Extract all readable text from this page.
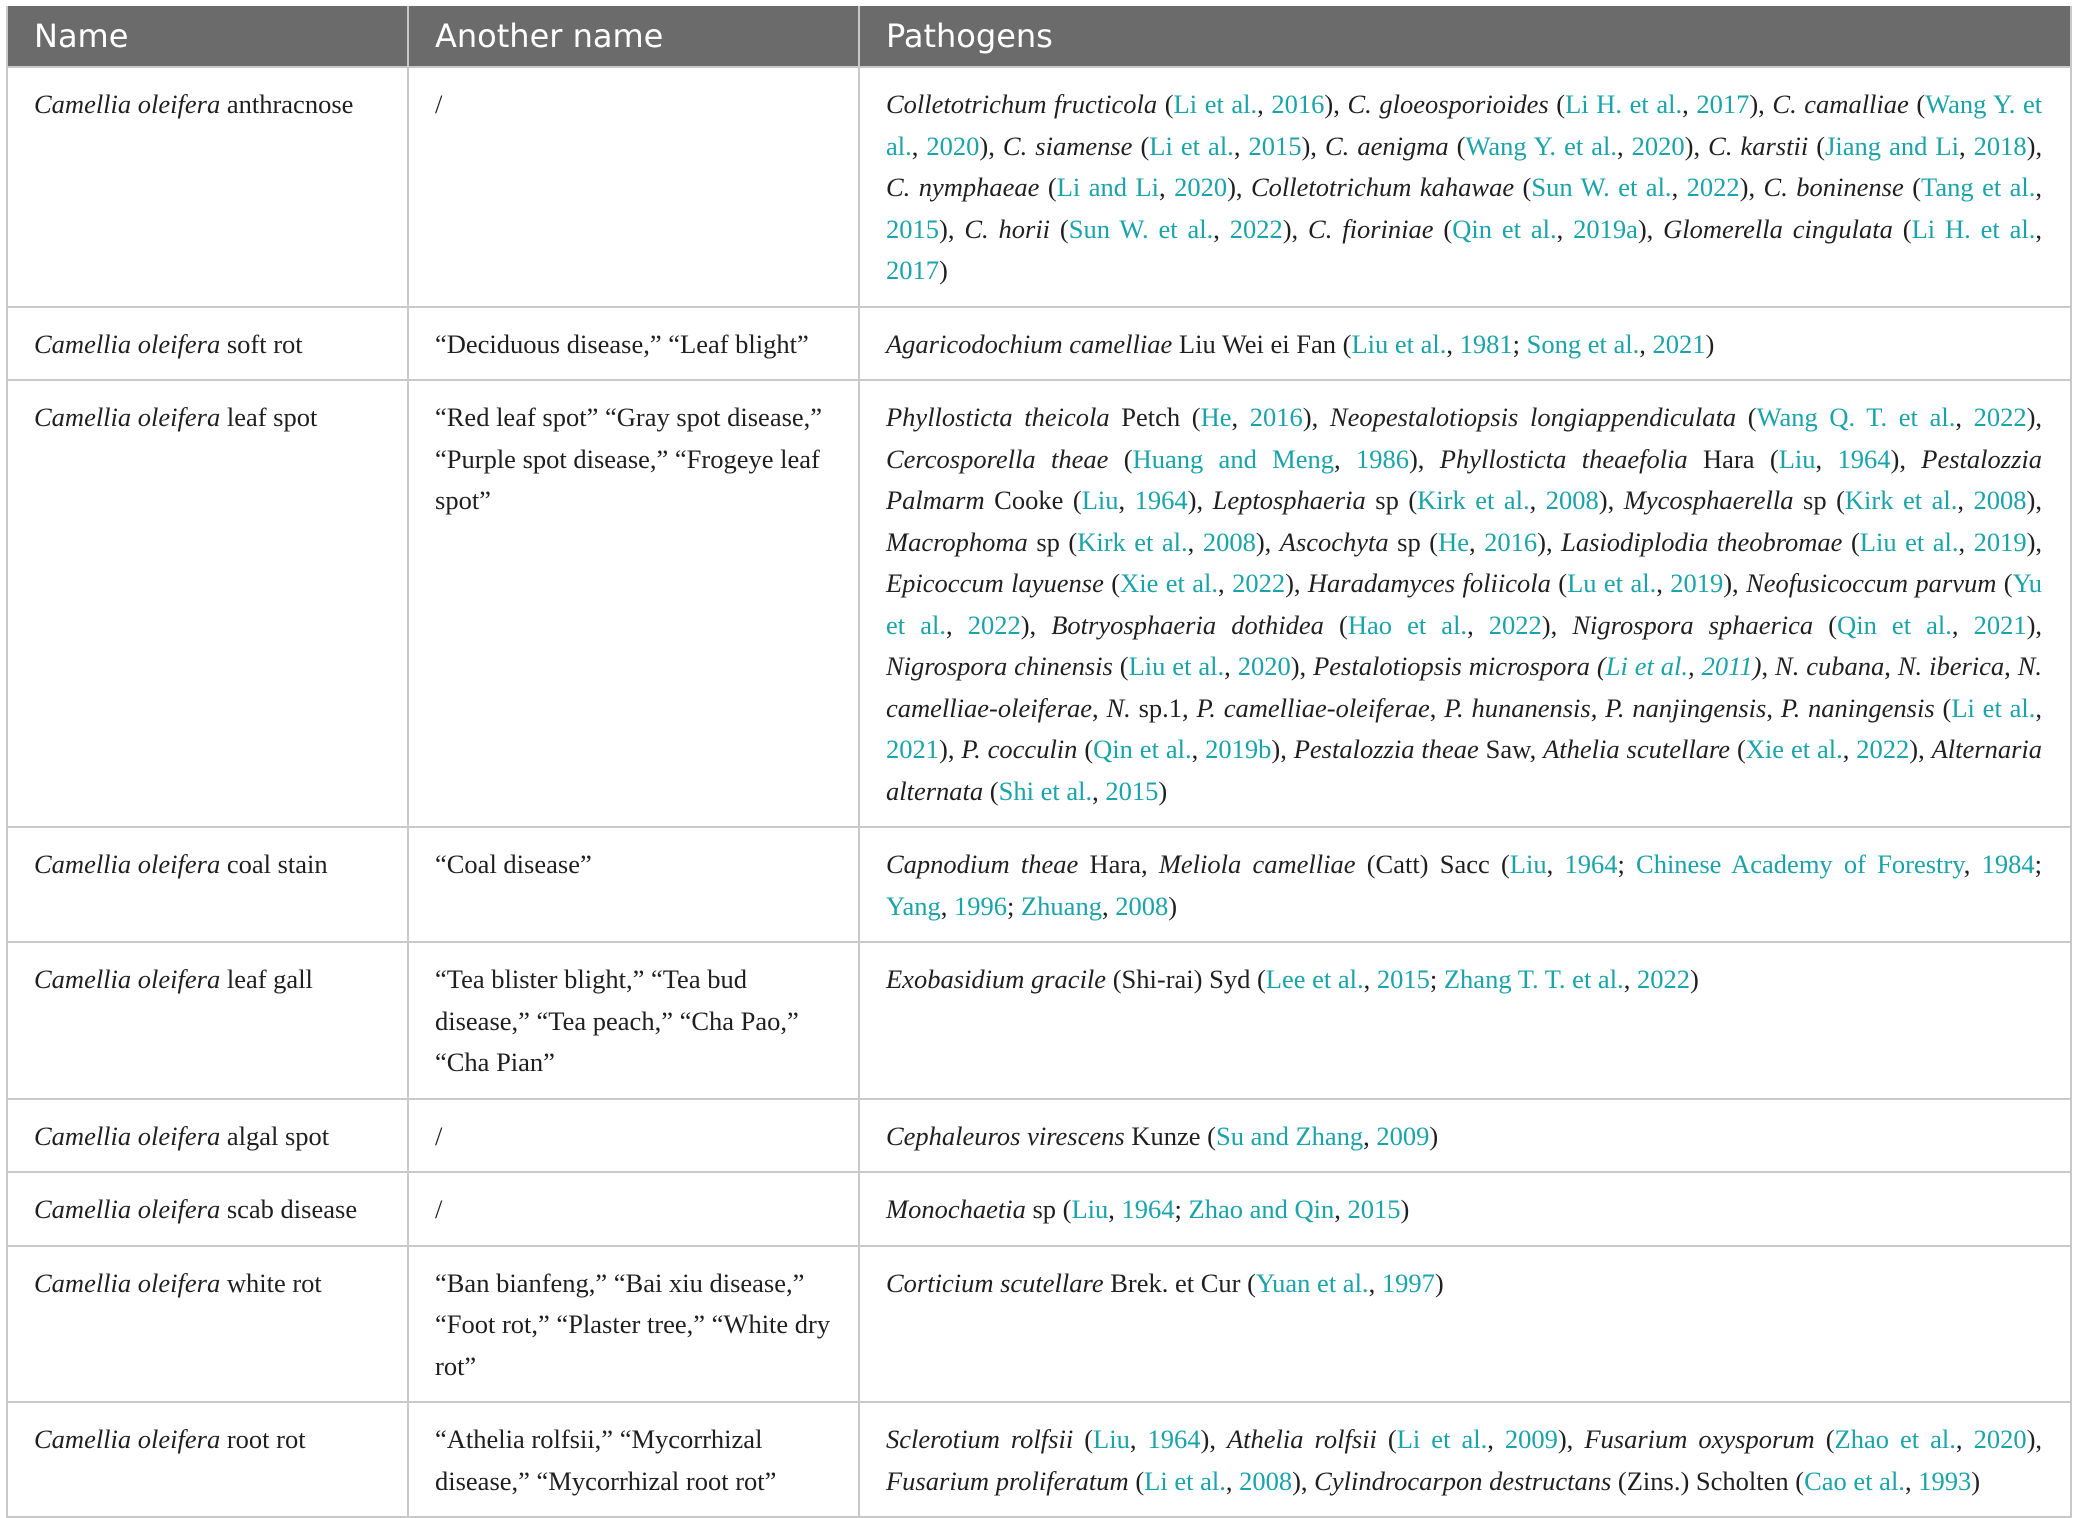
Name	Another name	Pathogens
Camellia oleifera anthracnose	/	Colletotrichum fructicola (Li et al., 2016), C. gloeosporioides (Li H. et al., 2017), C. camalliae (Wang Y. et al., 2020), C. siamense (Li et al., 2015), C. aenigma (Wang Y. et al., 2020), C. karstii (Jiang and Li, 2018), C. nymphaeae (Li and Li, 2020), Colletotrichum kahawae (Sun W. et al., 2022), C. boninense (Tang et al., 2015), C. horii (Sun W. et al., 2022), C. fioriniae (Qin et al., 2019a), Glomerella cingulata (Li H. et al., 2017)
Camellia oleifera soft rot	“Deciduous disease,” “Leaf blight”	Agaricodochium camelliae Liu Wei ei Fan (Liu et al., 1981; Song et al., 2021)
Camellia oleifera leaf spot	“Red leaf spot” “Gray spot disease,” “Purple spot disease,” “Frogeye leaf spot”	Phyllosticta theicola Petch (He, 2016), Neopestalotiopsis longiappendiculata (Wang Q. T. et al., 2022), Cercosporella theae (Huang and Meng, 1986), Phyllosticta theaefolia Hara (Liu, 1964), Pestalozzia Palmarm Cooke (Liu, 1964), Leptosphaeria sp (Kirk et al., 2008), Mycosphaerella sp (Kirk et al., 2008), Macrophoma sp (Kirk et al., 2008), Ascochyta sp (He, 2016), Lasiodiplodia theobromae (Liu et al., 2019), Epicoccum layuense (Xie et al., 2022), Haradamyces foliicola (Lu et al., 2019), Neofusicoccum parvum (Yu et al., 2022), Botryosphaeria dothidea (Hao et al., 2022), Nigrospora sphaerica (Qin et al., 2021), Nigrospora chinensis (Liu et al., 2020), Pestalotiopsis microspora (Li et al., 2011), N. cubana, N. iberica, N. camelliae-oleiferae, N. sp.1, P. camelliae-oleiferae, P. hunanensis, P. nanjingensis, P. naningensis (Li et al., 2021), P. cocculin (Qin et al., 2019b), Pestalozzia theae Saw, Athelia scutellare (Xie et al., 2022), Alternaria alternata (Shi et al., 2015)
Camellia oleifera coal stain	“Coal disease”	Capnodium theae Hara, Meliola camelliae (Catt) Sacc (Liu, 1964; Chinese Academy of Forestry, 1984; Yang, 1996; Zhuang, 2008)
Camellia oleifera leaf gall	“Tea blister blight,” “Tea bud disease,” “Tea peach,” “Cha Pao,” “Cha Pian”	Exobasidium gracile (Shi-rai) Syd (Lee et al., 2015; Zhang T. T. et al., 2022)
Camellia oleifera algal spot	/	Cephaleuros virescens Kunze (Su and Zhang, 2009)
Camellia oleifera scab disease	/	Monochaetia sp (Liu, 1964; Zhao and Qin, 2015)
Camellia oleifera white rot	“Ban bianfeng,” “Bai xiu disease,” “Foot rot,” “Plaster tree,” “White dry rot”	Corticium scutellare Brek. et Cur (Yuan et al., 1997)
Camellia oleifera root rot	“Athelia rolfsii,” “Mycorrhizal disease,” “Mycorrhizal root rot”	Sclerotium rolfsii (Liu, 1964), Athelia rolfsii (Li et al., 2009), Fusarium oxysporum (Zhao et al., 2020), Fusarium proliferatum (Li et al., 2008), Cylindrocarpon destructans (Zins.) Scholten (Cao et al., 1993)
